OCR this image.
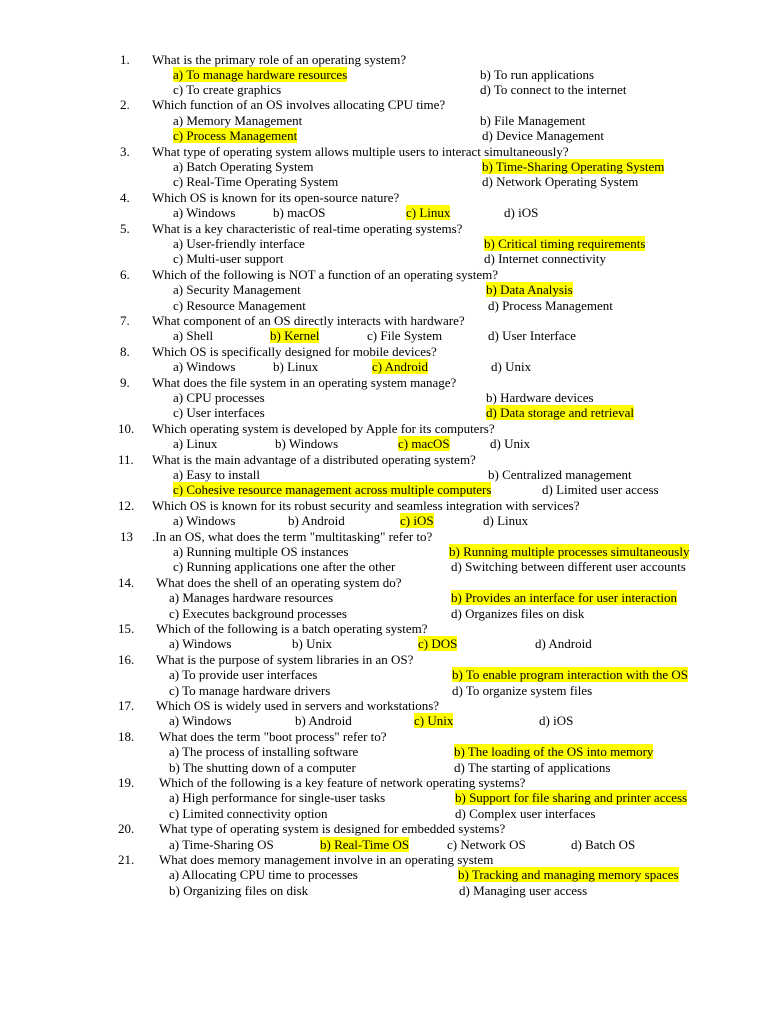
1.	What is the primary role of an operating system?
a) To manage hardware resources	b) To run applications
c) To create graphics	d) To connect to the internet
2.	Which function of an OS involves allocating CPU time?
a) Memory Management	b) File Management
c) Process Management	d) Device Management
3.	What type of operating system allows multiple users to interact simultaneously?
a) Batch Operating System	b) Time-Sharing Operating System
c) Real-Time Operating System	d) Network Operating System
4.	Which OS is known for its open-source nature?
a) Windows	b) macOS	c) Linux	d) iOS
5.	What is a key characteristic of real-time operating systems?
a) User-friendly interface	b) Critical timing requirements
c) Multi-user support	d) Internet connectivity
6.	Which of the following is NOT a function of an operating system?
a) Security Management	b) Data Analysis
c) Resource Management	d) Process Management
7.	What component of an OS directly interacts with hardware?
a) Shell	b) Kernel	c) File System	d) User Interface
8.	Which OS is specifically designed for mobile devices?
a) Windows	b) Linux	c) Android	d) Unix
9.	What does the file system in an operating system manage?
a) CPU processes	b) Hardware devices
c) User interfaces	d) Data storage and retrieval
10.	Which operating system is developed by Apple for its computers?
a) Linux	b) Windows	c) macOS	d) Unix
11.	What is the main advantage of a distributed operating system?
a) Easy to install	b) Centralized management
c) Cohesive resource management across multiple computers	d) Limited user access
12.	Which OS is known for its robust security and seamless integration with services?
a) Windows	b) Android	c) iOS	d) Linux
13	.In an OS, what does the term "multitasking" refer to?
a) Running multiple OS instances	b) Running multiple processes simultaneously
c) Running applications one after the other	d) Switching between different user accounts
14.	What does the shell of an operating system do?
a) Manages hardware resources	b) Provides an interface for user interaction
c) Executes background processes	d) Organizes files on disk
15.	Which of the following is a batch operating system?
a) Windows	b) Unix	c) DOS	d) Android
16.	What is the purpose of system libraries in an OS?
a) To provide user interfaces	b) To enable program interaction with the OS
c) To manage hardware drivers	d) To organize system files
17.	Which OS is widely used in servers and workstations?
a) Windows	b) Android	c) Unix	d) iOS
18.	What does the term "boot process" refer to?
a) The process of installing software	b) The loading of the OS into memory
b) The shutting down of a computer	d) The starting of applications
19.	Which of the following is a key feature of network operating systems?
a) High performance for single-user tasks	b) Support for file sharing and printer access
c) Limited connectivity option	d) Complex user interfaces
20.	What type of operating system is designed for embedded systems?
a) Time-Sharing OS	b) Real-Time OS	c) Network OS	d) Batch OS
21.	What does memory management involve in an operating system
a) Allocating CPU time to processes	b) Tracking and managing memory spaces
b) Organizing files on disk	d) Managing user access
